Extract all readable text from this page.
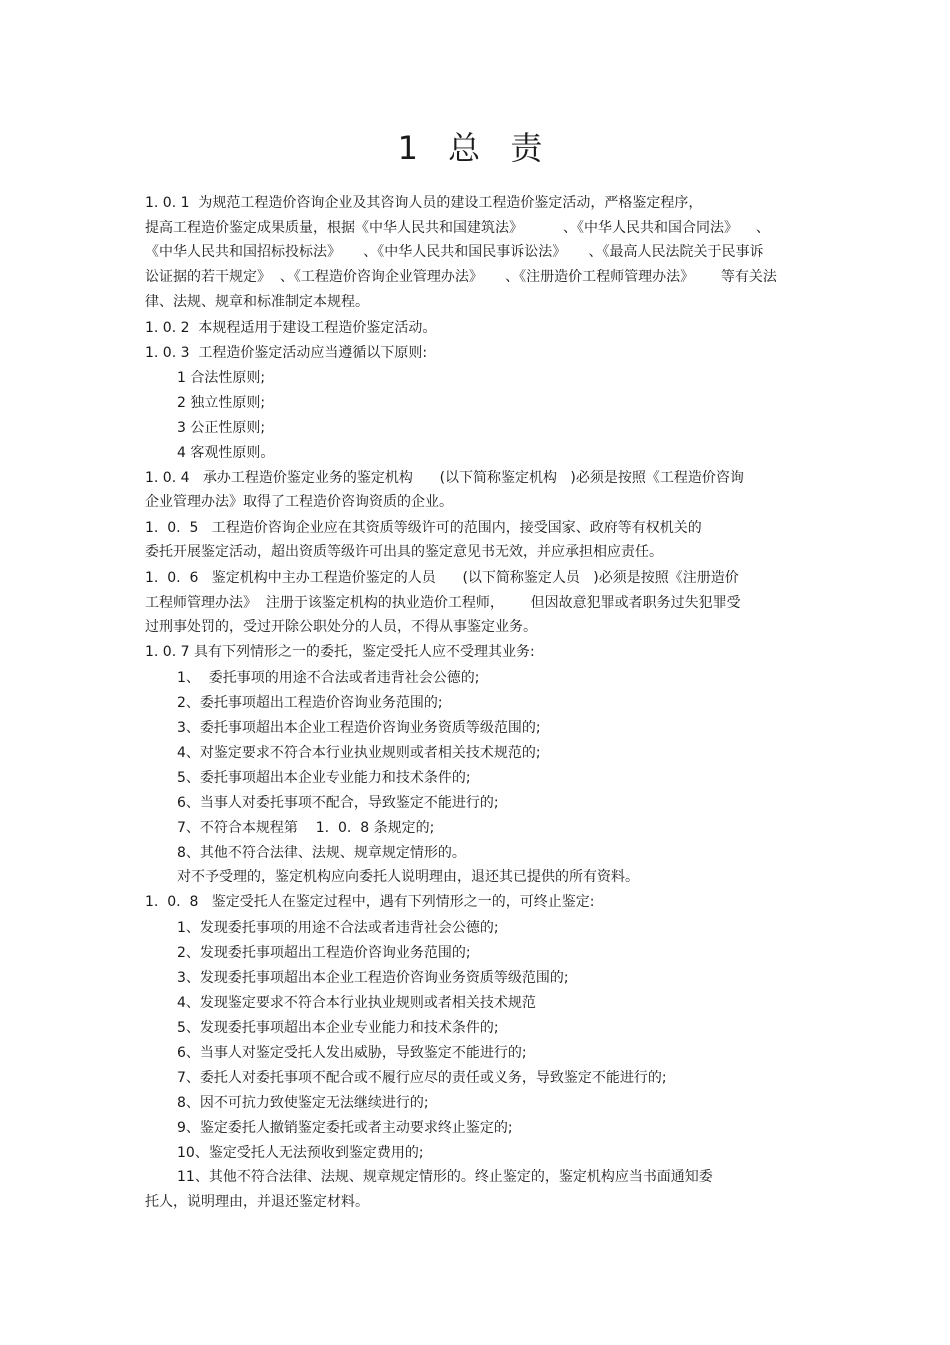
1 总 责
1. 0. 1  为规范工程造价咨询企业及其咨询人员的建设工程造价鉴定活动，严格鉴定程序，
提高工程造价鉴定成果质量，根据《中华人民共和国建筑法》         、《中华人民共和国合同法》    、
《中华人民共和国招标投标法》     、《中华人民共和国民事诉讼法》     、《最高人民法院关于民事诉
讼证据的若干规定》  、《工程造价咨询企业管理办法》     、《注册造价工程师管理办法》      等有关法
律、法规、规章和标准制定本规程。
1. 0. 2  本规程适用于建设工程造价鉴定活动。
1. 0. 3  工程造价鉴定活动应当遵循以下原则:
1 合法性原则;
2 独立性原则;
3 公正性原则;
4 客观性原则。
1. 0. 4   承办工程造价鉴定业务的鉴定机构      (以下简称鉴定机构   )必须是按照《工程造价咨询
企业管理办法》取得了工程造价咨询资质的企业。
1.  0.  5   工程造价咨询企业应在其资质等级许可的范围内，接受国家、政府等有权机关的
委托开展鉴定活动，超出资质等级许可出具的鉴定意见书无效，并应承担相应责任。
1.  0.  6   鉴定机构中主办工程造价鉴定的人员      (以下简称鉴定人员   )必须是按照《注册造价
工程师管理办法》  注册于该鉴定机构的执业造价工程师，      但因故意犯罪或者职务过失犯罪受
过刑事处罚的，受过开除公职处分的人员，不得从事鉴定业务。
1. 0. 7 具有下列情形之一的委托，鉴定受托人应不受理其业务:
1、  委托事项的用途不合法或者违背社会公德的;
2、委托事项超出工程造价咨询业务范围的;
3、委托事项超出本企业工程造价咨询业务资质等级范围的;
4、对鉴定要求不符合本行业执业规则或者相关技术规范的;
5、委托事项超出本企业专业能力和技术条件的;
6、当事人对委托事项不配合，导致鉴定不能进行的;
7、不符合本规程第    1.  0.  8 条规定的;
8、其他不符合法律、法规、规章规定情形的。
对不予受理的，鉴定机构应向委托人说明理由，退还其已提供的所有资料。
1.  0.  8   鉴定受托人在鉴定过程中，遇有下列情形之一的，可终止鉴定:
1、发现委托事项的用途不合法或者违背社会公德的;
2、发现委托事项超出工程造价咨询业务范围的;
3、发现委托事项超出本企业工程造价咨询业务资质等级范围的;
4、发现鉴定要求不符合本行业执业规则或者相关技术规范
5、发现委托事项超出本企业专业能力和技术条件的;
6、当事人对鉴定受托人发出威胁，导致鉴定不能进行的;
7、委托人对委托事项不配合或不履行应尽的责任或义务，导致鉴定不能进行的;
8、因不可抗力致使鉴定无法继续进行的;
9、鉴定委托人撤销鉴定委托或者主动要求终止鉴定的;
10、鉴定受托人无法预收到鉴定费用的;
11、其他不符合法律、法规、规章规定情形的。终止鉴定的，鉴定机构应当书面通知委
托人，说明理由，并退还鉴定材料。
